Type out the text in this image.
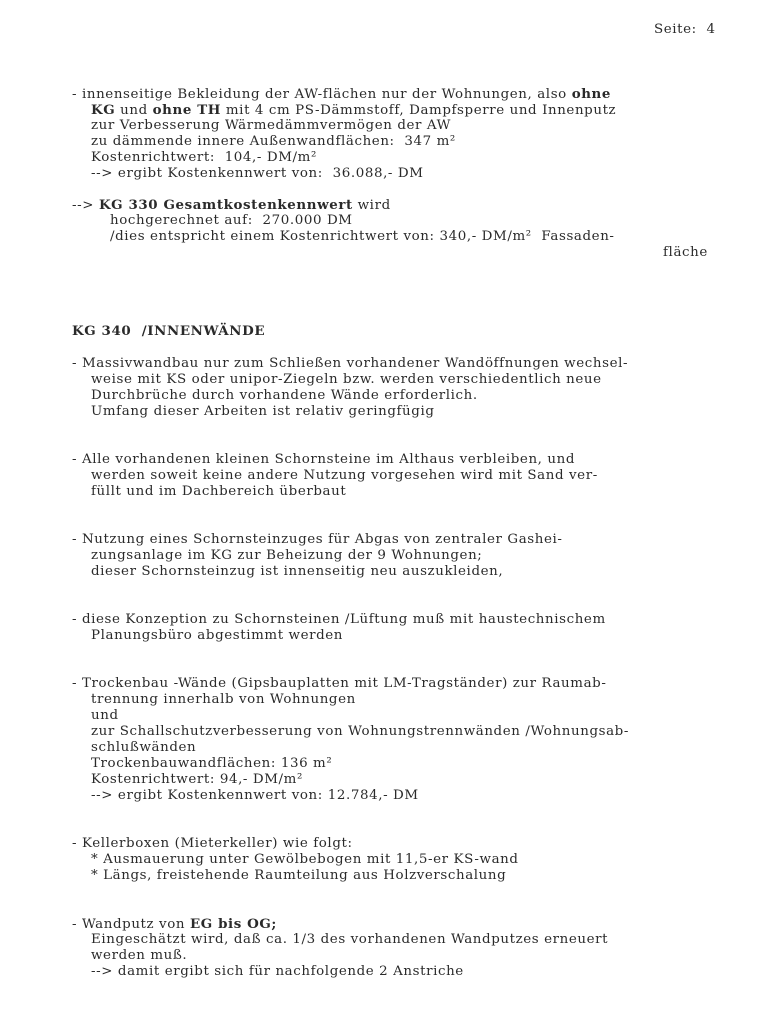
Seite: 4
- innenseitige Bekleidung der AW-flächen nur der Wohnungen, also ohne
KG und ohne TH mit 4 cm PS-Dämmstoff, Dampfsperre und Innenputz
zur Verbesserung Wärmedämmvermögen der AW
zu dämmende innere Außenwandflächen:  347 m²
Kostenrichtwert:  104,- DM/m²
--> ergibt Kostenkennwert von:  36.088,- DM
--> KG 330 Gesamtkostenkennwert wird
hochgerechnet auf:  270.000 DM
/dies entspricht einem Kostenrichtwert von: 340,- DM/m²  Fassaden-
fläche
KG 340  /INNENWÄNDE
- Massivwandbau nur zum Schließen vorhandener Wandöffnungen wechsel-
weise mit KS oder unipor-Ziegeln bzw. werden verschiedentlich neue
Durchbrüche durch vorhandene Wände erforderlich.
Umfang dieser Arbeiten ist relativ geringfügig
- Alle vorhandenen kleinen Schornsteine im Althaus verbleiben, und
werden soweit keine andere Nutzung vorgesehen wird mit Sand ver-
füllt und im Dachbereich überbaut
- Nutzung eines Schornsteinzuges für Abgas von zentraler Gashei-
zungsanlage im KG zur Beheizung der 9 Wohnungen;
dieser Schornsteinzug ist innenseitig neu auszukleiden,
- diese Konzeption zu Schornsteinen /Lüftung muß mit haustechnischem
Planungsbüro abgestimmt werden
- Trockenbau -Wände (Gipsbauplatten mit LM-Tragständer) zur Raumab-
trennung innerhalb von Wohnungen
und
zur Schallschutzverbesserung von Wohnungstrennwänden /Wohnungsab-
schlußwänden
Trockenbauwandflächen: 136 m²
Kostenrichtwert: 94,- DM/m²
--> ergibt Kostenkennwert von: 12.784,- DM
- Kellerboxen (Mieterkeller) wie folgt:
* Ausmauerung unter Gewölbebogen mit 11,5-er KS-wand
* Längs, freistehende Raumteilung aus Holzverschalung
- Wandputz von EG bis OG;
Eingeschätzt wird, daß ca. 1/3 des vorhandenen Wandputzes erneuert
werden muß.
--> damit ergibt sich für nachfolgende 2 Anstriche
